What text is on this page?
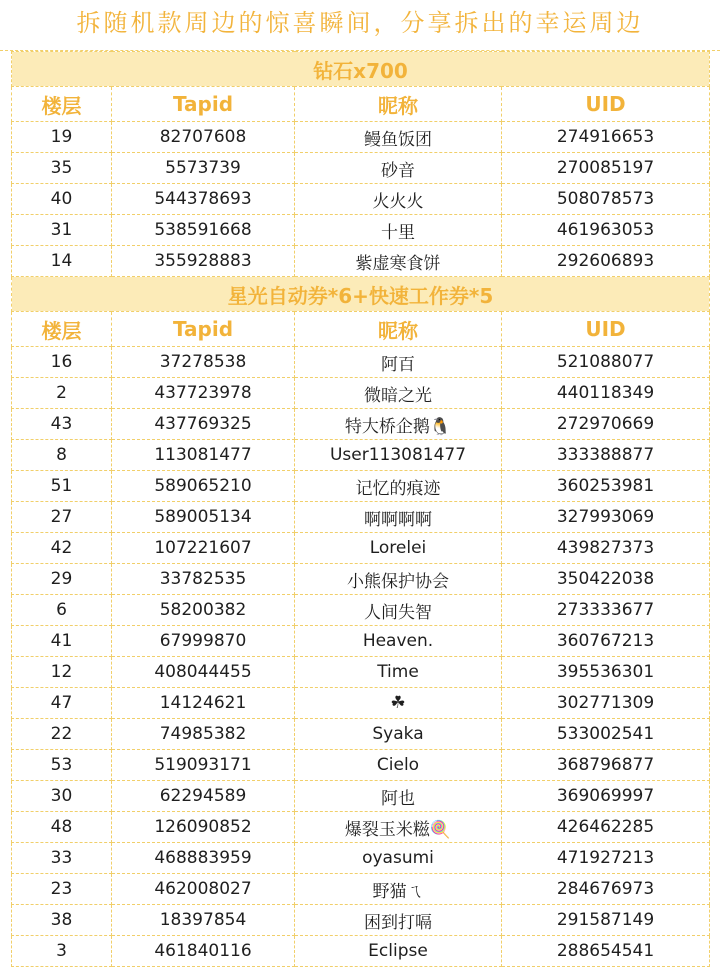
拆随机款周边的惊喜瞬间，分享拆出的幸运周边
钻石x700			
楼层	Tapid	昵称	UID
19	82707608	鳗鱼饭团	274916653
35	5573739	砂音	270085197
40	544378693	火火火	508078573
31	538591668	十里	461963053
14	355928883	紫虚寒食饼	292606893
星光自动券*6+快速工作券*5			
楼层	Tapid	昵称	UID
16	37278538	阿百	521088077
2	437723978	微暗之光	440118349
43	437769325	特大桥企鹅🐧	272970669
8	113081477	User113081477	333388877
51	589065210	记忆的痕迹	360253981
27	589005134	啊啊啊啊	327993069
42	107221607	Lorelei	439827373
29	33782535	小熊保护协会	350422038
6	58200382	人间失智	273333677
41	67999870	Heaven.	360767213
12	408044455	Time	395536301
47	14124621	☘	302771309
22	74985382	Syaka	533002541
53	519093171	Cielo	368796877
30	62294589	阿也	369069997
48	126090852	爆裂玉米糍🍭	426462285
33	468883959	oyasumi	471927213
23	462008027	野猫ㄟ	284676973
38	18397854	困到打嗝	291587149
3	461840116	Eclipse	288654541
